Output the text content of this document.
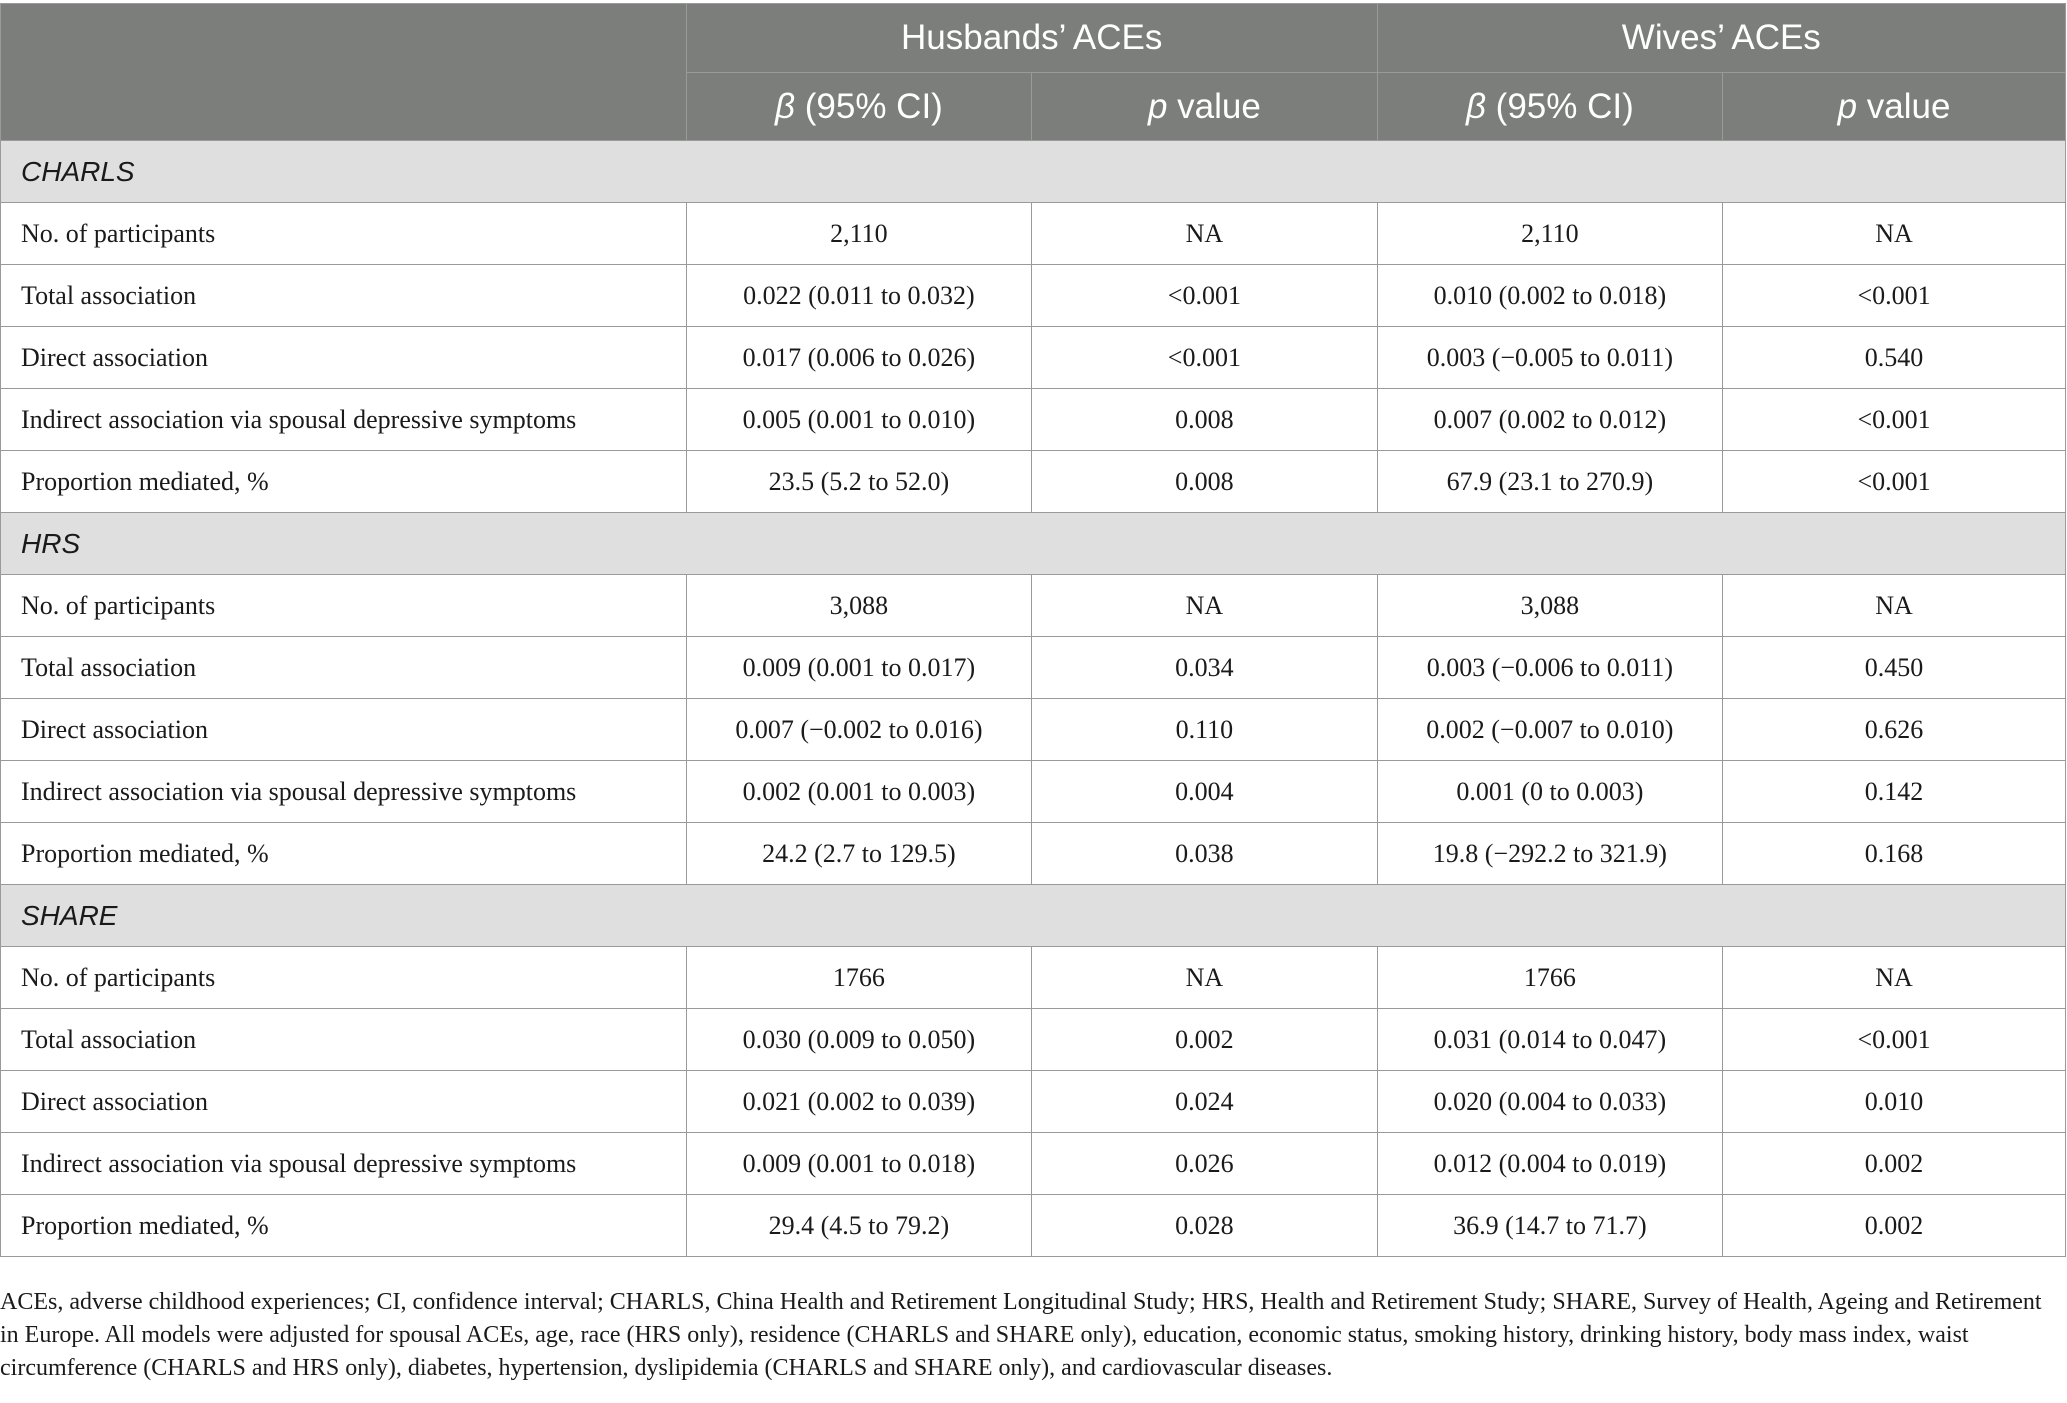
	Husbands’ ACEs		Wives’ ACEs	
	β (95% CI)	p value	β (95% CI)	p value
CHARLS				
No. of participants	2,110	NA	2,110	NA
Total association	0.022 (0.011 to 0.032)	<0.001	0.010 (0.002 to 0.018)	<0.001
Direct association	0.017 (0.006 to 0.026)	<0.001	0.003 (−0.005 to 0.011)	0.540
Indirect association via spousal depressive symptoms	0.005 (0.001 to 0.010)	0.008	0.007 (0.002 to 0.012)	<0.001
Proportion mediated, %	23.5 (5.2 to 52.0)	0.008	67.9 (23.1 to 270.9)	<0.001
HRS				
No. of participants	3,088	NA	3,088	NA
Total association	0.009 (0.001 to 0.017)	0.034	0.003 (−0.006 to 0.011)	0.450
Direct association	0.007 (−0.002 to 0.016)	0.110	0.002 (−0.007 to 0.010)	0.626
Indirect association via spousal depressive symptoms	0.002 (0.001 to 0.003)	0.004	0.001 (0 to 0.003)	0.142
Proportion mediated, %	24.2 (2.7 to 129.5)	0.038	19.8 (−292.2 to 321.9)	0.168
SHARE				
No. of participants	1766	NA	1766	NA
Total association	0.030 (0.009 to 0.050)	0.002	0.031 (0.014 to 0.047)	<0.001
Direct association	0.021 (0.002 to 0.039)	0.024	0.020 (0.004 to 0.033)	0.010
Indirect association via spousal depressive symptoms	0.009 (0.001 to 0.018)	0.026	0.012 (0.004 to 0.019)	0.002
Proportion mediated, %	29.4 (4.5 to 79.2)	0.028	36.9 (14.7 to 71.7)	0.002
ACEs, adverse childhood experiences; CI, confidence interval; CHARLS, China Health and Retirement Longitudinal Study; HRS, Health and Retirement Study; SHARE, Survey of Health, Ageing and Retirement in Europe. All models were adjusted for spousal ACEs, age, race (HRS only), residence (CHARLS and SHARE only), education, economic status, smoking history, drinking history, body mass index, waist circumference (CHARLS and HRS only), diabetes, hypertension, dyslipidemia (CHARLS and SHARE only), and cardiovascular diseases.
